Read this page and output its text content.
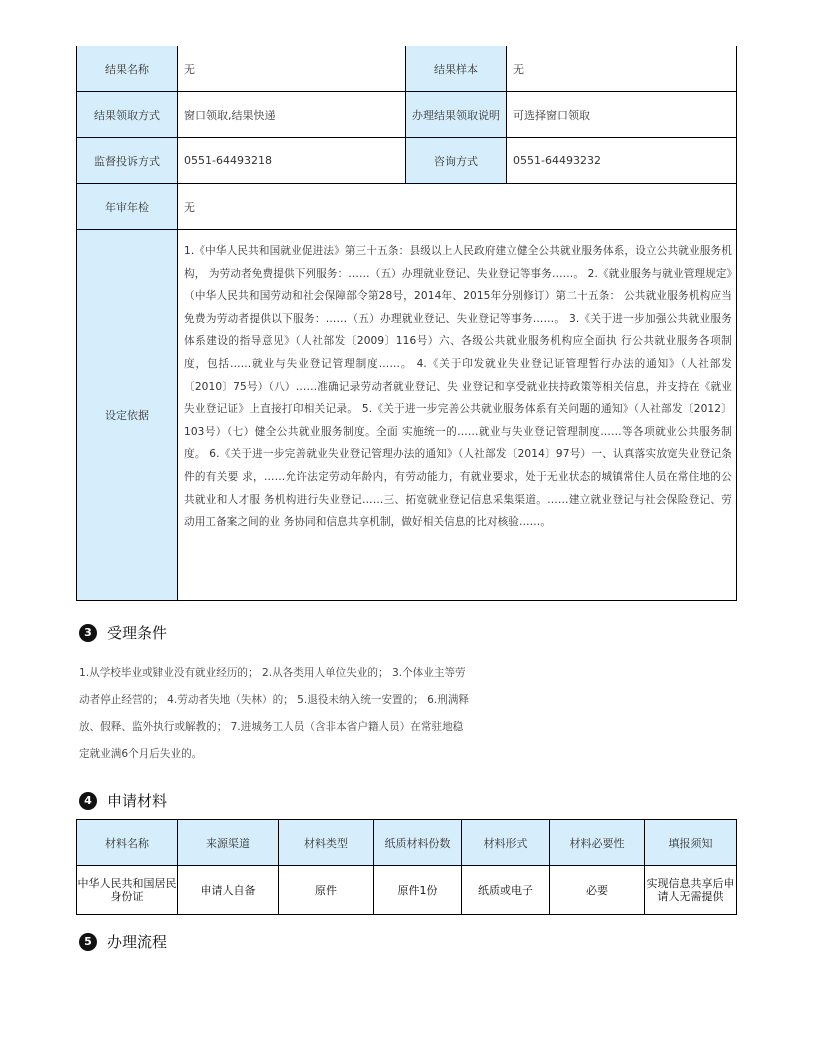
结果名称	无	结果样本	无
结果领取方式	窗口领取,结果快递	办理结果领取说明	可选择窗口领取
监督投诉方式	0551-64493218	咨询方式	0551-64493232
年审年检	无		
设定依据	1.《中华人民共和国就业促进法》第三十五条：县级以上人民政府建立健全公共就业服务体系，设立公共就业服务机构， 为劳动者免费提供下列服务：……（五）办理就业登记、失业登记等事务……。 2.《就业服务与就业管理规定》（中华人民共和国劳动和社会保障部令第28号，2014年、2015年分别修订）第二十五条： 公共就业服务机构应当免费为劳动者提供以下服务：……（五）办理就业登记、失业登记等事务……。 3.《关于进一步加强公共就业服务体系建设的指导意见》（人社部发〔2009〕116号）六、各级公共就业服务机构应全面执 行公共就业服务各项制度，包括……就业与失业登记管理制度……。 4.《关于印发就业失业登记证管理暂行办法的通知》（人社部发〔2010〕75号）（八）……准确记录劳动者就业登记、失 业登记和享受就业扶持政策等相关信息，并支持在《就业失业登记证》上直接打印相关记录。 5.《关于进一步完善公共就业服务体系有关问题的通知》（人社部发〔2012〕103号）（七）健全公共就业服务制度。全面 实施统一的……就业与失业登记管理制度……等各项就业公共服务制度。 6.《关于进一步完善就业失业登记管理办法的通知》（人社部发〔2014〕97号）一、认真落实放宽失业登记条件的有关要 求，……允许法定劳动年龄内，有劳动能力，有就业要求，处于无业状态的城镇常住人员在常住地的公共就业和人才服 务机构进行失业登记……三、拓宽就业登记信息采集渠道。……建立就业登记与社会保险登记、劳动用工备案之间的业 务协同和信息共享机制，做好相关信息的比对核验……。		
3	受理条件
1.从学校毕业或肄业没有就业经历的； 2.从各类用人单位失业的； 3.个体业主等劳动者停止经营的； 4.劳动者失地（失林）的； 5.退役未纳入统一安置的； 6.刑满释放、假释、监外执行或解教的； 7.进城务工人员（含非本省户籍人员）在常驻地稳定就业满6个月后失业的。
4	申请材料
材料名称	来源渠道	材料类型	纸质材料份数	材料形式	材料必要性	填报须知
中华人民共和国居民身份证	申请人自备	原件	原件1份	纸质或电子	必要	实现信息共享后申请人无需提供
5	办理流程
